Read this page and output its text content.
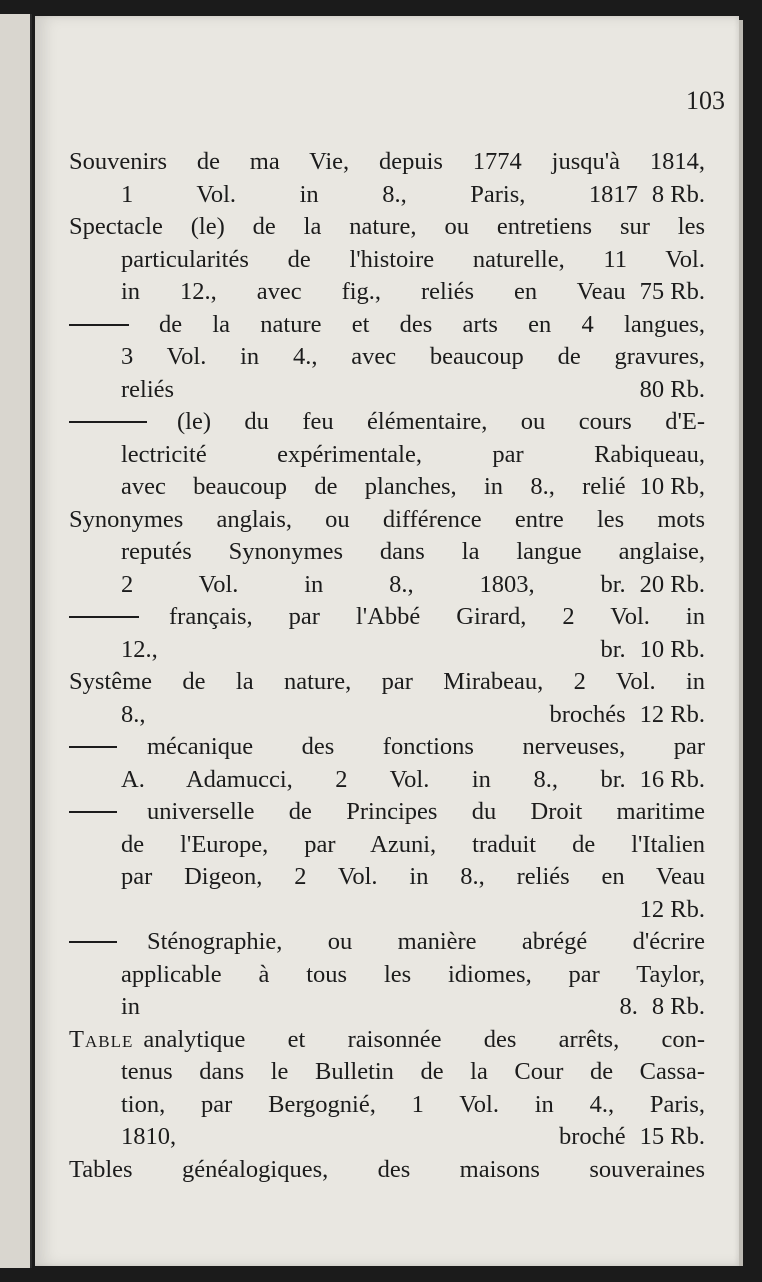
103
Souvenirs de ma Vie, depuis 1774 jusqu'à 1814,
1 Vol. in 8., Paris, 1817 8 Rb.
Spectacle (le) de la nature, ou entretiens sur les
particularités de l'histoire naturelle, 11 Vol.
in 12., avec fig., reliés en Veau 75 Rb.
de la nature et des arts en 4 langues,
3 Vol. in 4., avec beaucoup de gravures,
reliés	80 Rb.
(le) du feu élémentaire, ou cours d'E-
lectricité expérimentale, par Rabiqueau,
avec beaucoup de planches, in 8., relié 10 Rb,
Synonymes anglais, ou différence entre les mots
reputés Synonymes dans la langue anglaise,
2 Vol. in 8., 1803, br. 20 Rb.
français, par l'Abbé Girard, 2 Vol. in
12., br. 10 Rb.
Systême de la nature, par Mirabeau, 2 Vol. in
8., brochés 12 Rb.
mécanique des fonctions nerveuses, par
A. Adamucci, 2 Vol. in 8., br. 16 Rb.
universelle de Principes du Droit maritime
de l'Europe, par Azuni, traduit de l'Italien
par Digeon, 2 Vol. in 8., reliés en Veau
12 Rb.
Sténographie, ou manière abrégé d'écrire
applicable à tous les idiomes, par Taylor,
in 8. 8 Rb.
Table analytique et raisonnée des arrêts, con-
tenus dans le Bulletin de la Cour de Cassa-
tion, par Bergognié, 1 Vol. in 4., Paris,
1810, broché 15 Rb.
Tables généalogiques, des maisons souveraines
